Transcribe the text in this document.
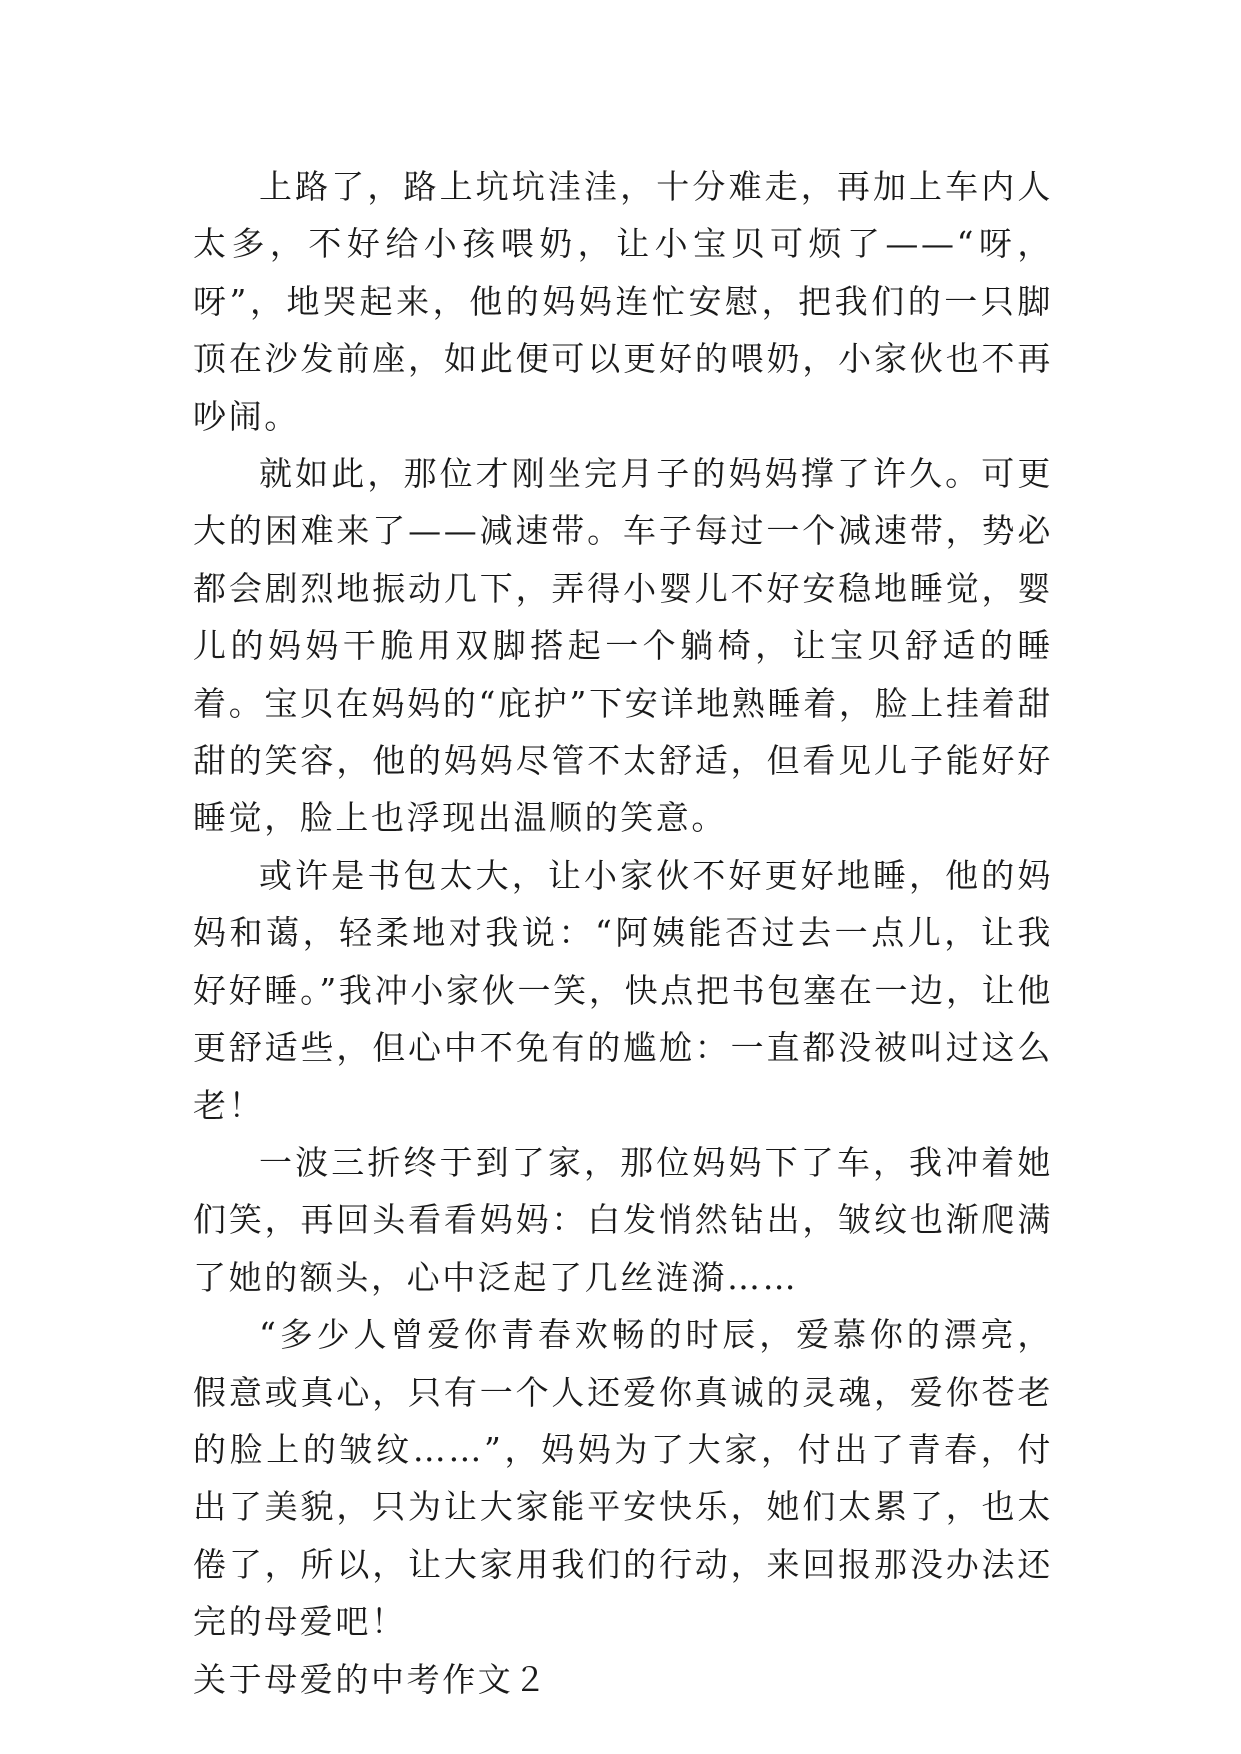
上路了，路上坑坑洼洼，十分难走，再加上车内人太多，不好给小孩喂奶，让小宝贝可烦了——“呀，呀”，地哭起来，他的妈妈连忙安慰，把我们的一只脚顶在沙发前座，如此便可以更好的喂奶，小家伙也不再吵闹。

就如此，那位才刚坐完月子的妈妈撑了许久。可更大的困难来了——减速带。车子每过一个减速带，势必都会剧烈地振动几下，弄得小婴儿不好安稳地睡觉，婴儿的妈妈干脆用双脚搭起一个躺椅，让宝贝舒适的睡着。宝贝在妈妈的“庇护”下安详地熟睡着，脸上挂着甜甜的笑容，他的妈妈尽管不太舒适，但看见儿子能好好睡觉，脸上也浮现出温顺的笑意。

或许是书包太大，让小家伙不好更好地睡，他的妈妈和蔼，轻柔地对我说：“阿姨能否过去一点儿，让我好好睡。”我冲小家伙一笑，快点把书包塞在一边，让他更舒适些，但心中不免有的尴尬：一直都没被叫过这么老！

一波三折终于到了家，那位妈妈下了车，我冲着她们笑，再回头看看妈妈：白发悄然钻出，皱纹也渐爬满了她的额头，心中泛起了几丝涟漪……

“多少人曾爱你青春欢畅的时辰，爱慕你的漂亮，假意或真心，只有一个人还爱你真诚的灵魂，爱你苍老的脸上的皱纹……”，妈妈为了大家，付出了青春，付出了美貌，只为让大家能平安快乐，她们太累了，也太倦了，所以，让大家用我们的行动，来回报那没办法还完的母爱吧！

关于母爱的中考作文２
